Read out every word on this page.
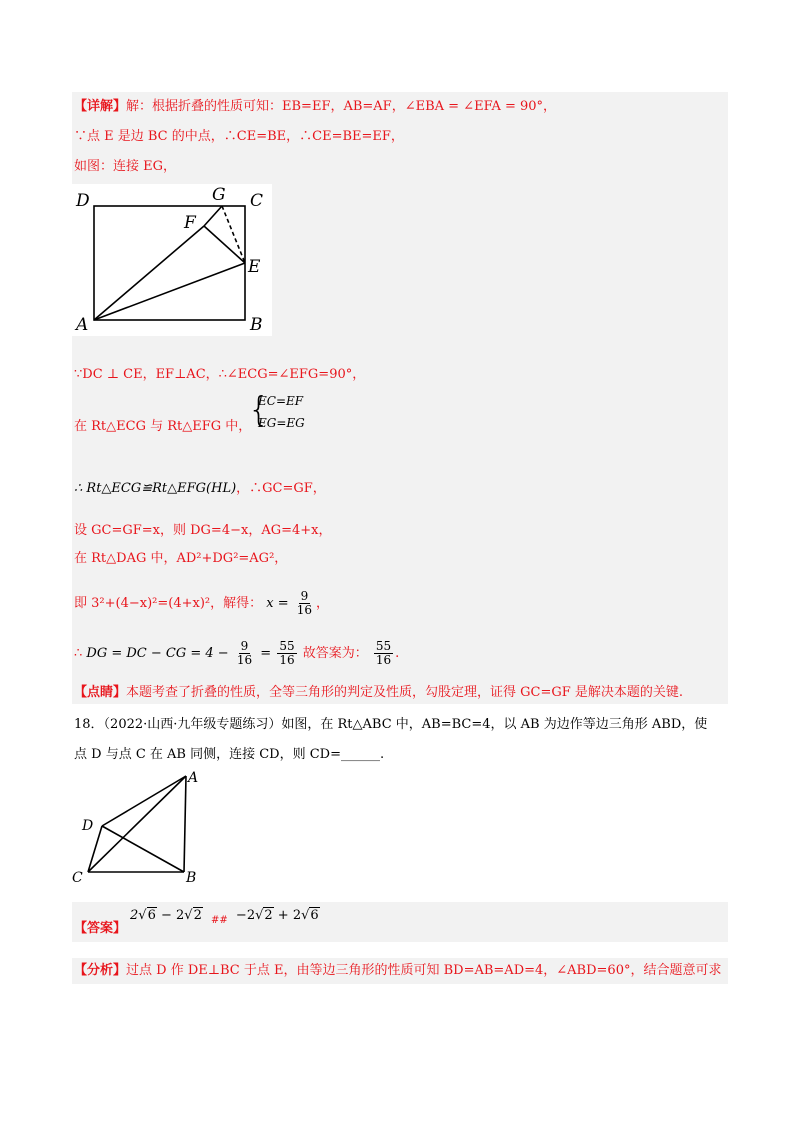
【详解】解：根据折叠的性质可知：EB=EF，AB=AF，∠EBA = ∠EFA = 90°，
∵点 E 是边 BC 的中点，∴CE=BE，∴CE=BE=EF，
如图：连接 EG，
D	G C
F
E
A	B
∵DC ⊥ CE，EF⊥AC，∴∠ECG=∠EFG=90°，
在 Rt△ECG 与 Rt△EFG 中，
{
EC=EF
EG=EG
∴ Rt△ECG≌Rt△EFG(HL)，∴GC=GF，
设 GC=GF=x，则 DG=4−x，AG=4+x，
在 Rt△DAG 中，AD²+DG²=AG²，
即 3²+(4−x)²=(4+x)²，解得： $x = \frac{9}{16}$ ，
∴ DG = DC − CG = $4 - \frac{9}{16} = \frac{55}{16}$ 故答案为： $\frac{55}{16}$ .
【点睛】本题考查了折叠的性质，全等三角形的判定及性质，勾股定理，证得 GC=GF 是解决本题的关键.
18．（2022·山西·九年级专题练习）如图，在 Rt△ABC 中，AB=BC=4，以 AB 为边作等边三角形 ABD，使
点 D 与点 C 在 AB 同侧，连接 CD，则 CD=______.
A
D
C	B
【答案】
2√6 − 2√2 $_{\#\#}$ −2√2 + 2√6
【分析】过点 D 作 DE⊥BC 于点 E，由等边三角形的性质可知 BD=AB=AD=4，∠ABD=60°，结合题意可求
